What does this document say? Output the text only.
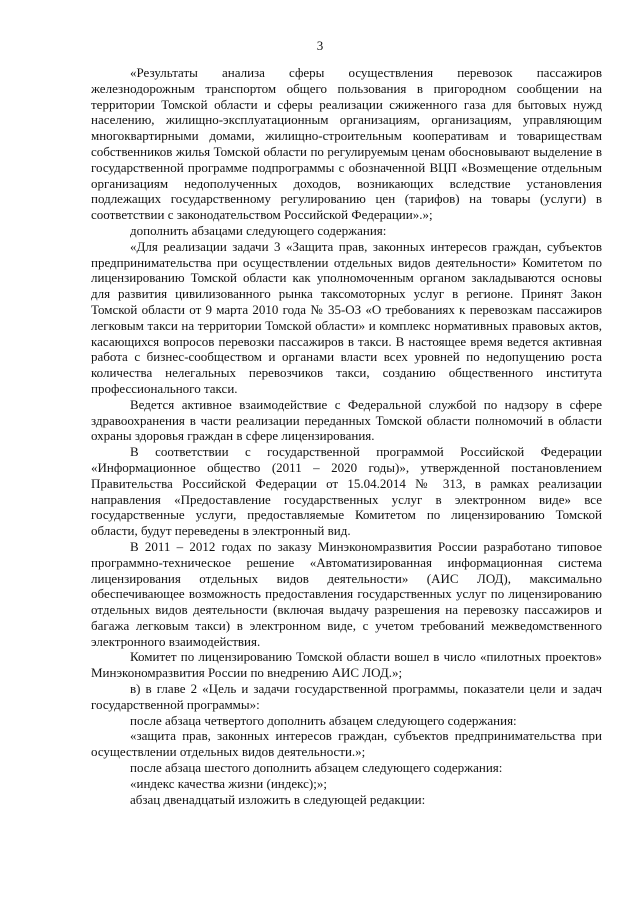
3

«Результаты анализа сферы осуществления перевозок пассажиров железнодорожным транспортом общего пользования в пригородном сообщении на территории Томской области и сферы реализации сжиженного газа для бытовых нужд населению, жилищно-эксплуатационным организациям, организациям, управляющим многоквартирными домами, жилищно-строительным кооперативам и товариществам собственников жилья Томской области по регулируемым ценам обосновывают выделение в государственной программе подпрограммы с обозначенной ВЦП «Возмещение отдельным организациям недополученных доходов, возникающих вследствие установления подлежащих государственному регулированию цен (тарифов) на товары (услуги) в соответствии с законодательством Российской Федерации».»;

дополнить абзацами следующего содержания:

«Для реализации задачи 3 «Защита прав, законных интересов граждан, субъектов предпринимательства при осуществлении отдельных видов деятельности» Комитетом по лицензированию Томской области как уполномоченным органом закладываются основы для развития цивилизованного рынка таксомоторных услуг в регионе. Принят Закон Томской области от 9 марта 2010 года № 35-ОЗ «О требованиях к перевозкам пассажиров легковым такси на территории Томской области» и комплекс нормативных правовых актов, касающихся вопросов перевозки пассажиров в такси. В настоящее время ведется активная работа с бизнес-сообществом и органами власти всех уровней по недопущению роста количества нелегальных перевозчиков такси, созданию общественного института профессионального такси.

Ведется активное взаимодействие с Федеральной службой по надзору в сфере здравоохранения в части реализации переданных Томской области полномочий в области охраны здоровья граждан в сфере лицензирования.

В соответствии с государственной программой Российской Федерации «Информационное общество (2011 – 2020 годы)», утвержденной постановлением Правительства Российской Федерации от 15.04.2014 № 313, в рамках реализации направления «Предоставление государственных услуг в электронном виде» все государственные услуги, предоставляемые Комитетом по лицензированию Томской области, будут переведены в электронный вид.

В 2011 – 2012 годах по заказу Минэкономразвития России разработано типовое программно-техническое решение «Автоматизированная информационная система лицензирования отдельных видов деятельности» (АИС ЛОД), максимально обеспечивающее возможность предоставления государственных услуг по лицензированию отдельных видов деятельности (включая выдачу разрешения на перевозку пассажиров и багажа легковым такси) в электронном виде, с учетом требований межведомственного электронного взаимодействия.

Комитет по лицензированию Томской области вошел в число «пилотных проектов» Минэкономразвития России по внедрению АИС ЛОД.»;

в) в главе 2 «Цель и задачи государственной программы, показатели цели и задач государственной программы»:

после абзаца четвертого дополнить абзацем следующего содержания:

«защита прав, законных интересов граждан, субъектов предпринимательства при осуществлении отдельных видов деятельности.»;

после абзаца шестого дополнить абзацем следующего содержания:

«индекс качества жизни (индекс);»;

абзац двенадцатый изложить в следующей редакции:
